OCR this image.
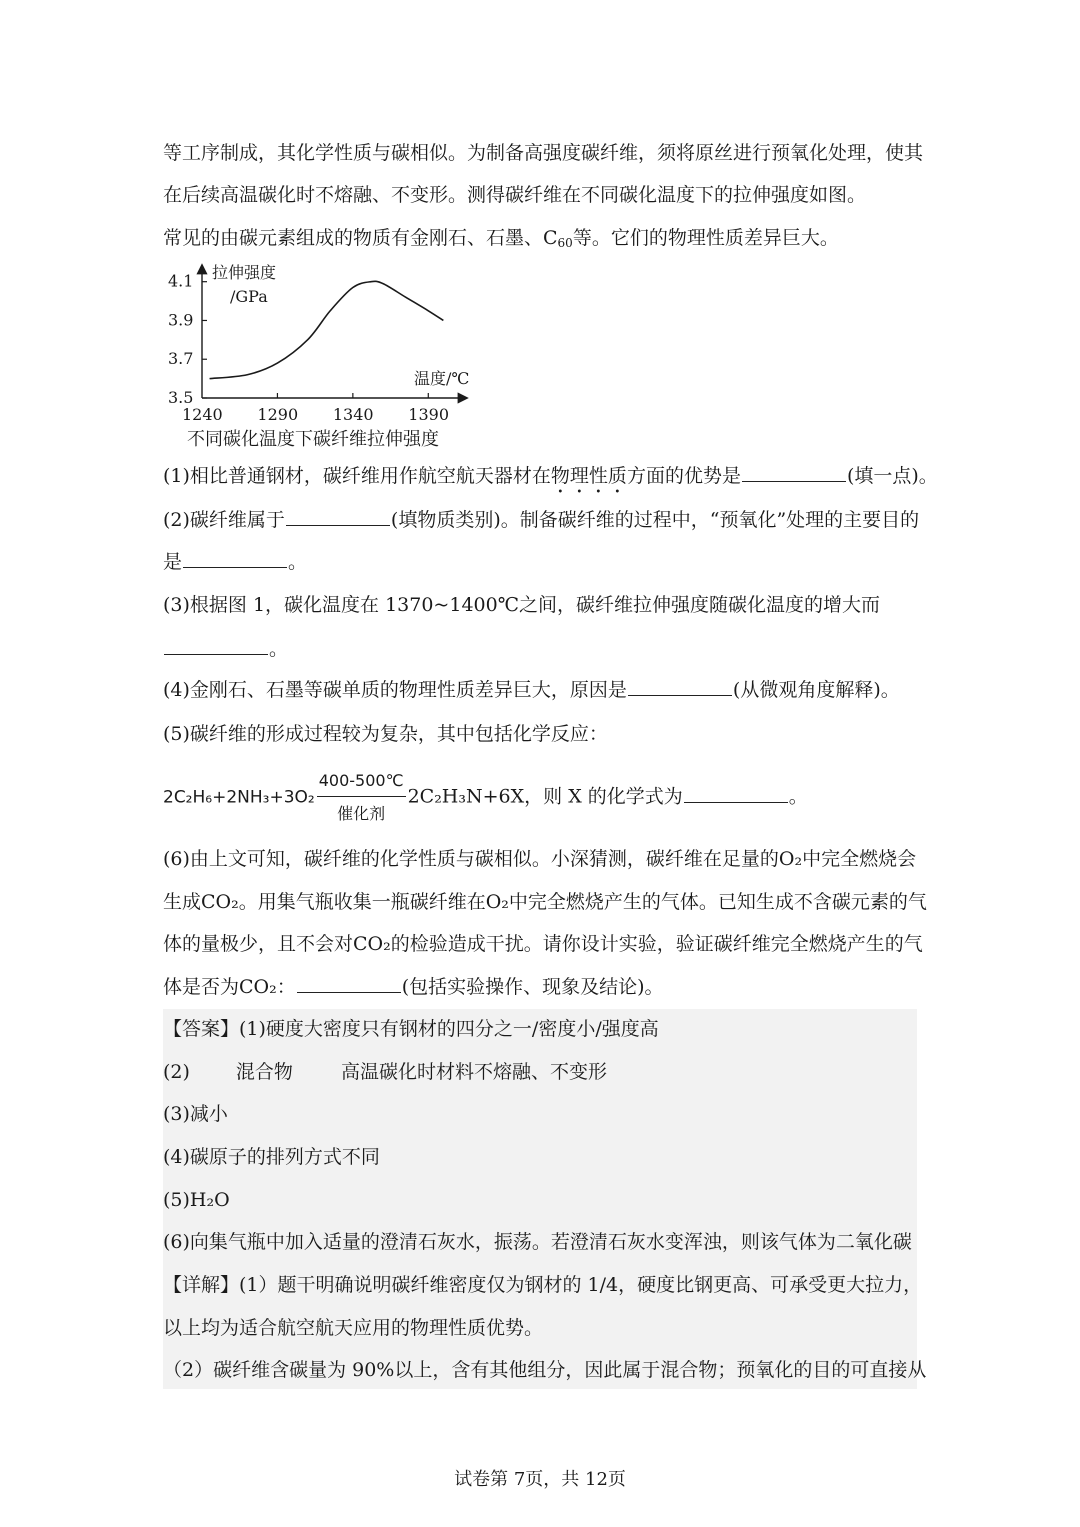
等工序制成，其化学性质与碳相似。为制备高强度碳纤维，须将原丝进行预氧化处理，使其
在后续高温碳化时不熔融、不变形。测得碳纤维在不同碳化温度下的拉伸强度如图。
常见的由碳元素组成的物质有金刚石、石墨、$C_{60}$等。它们的物理性质差异巨大。
拉伸强度
/GPa
温度/℃
3.5
3.7
3.9
4.1
1240 1290 1340 1390
不同碳化温度下碳纤维拉伸强度
(1)相比普通钢材，碳纤维用作航空航天器材在物理性质方面的优势是	(填一点)。
(2)碳纤维属于	(填物质类别)。制备碳纤维的过程中，“预氧化”处理的主要目的
是	。
(3)根据图 1，碳化温度在 1370~1400℃之间，碳纤维拉伸强度随碳化温度的增大而
。
(4)金刚石、石墨等碳单质的物理性质差异巨大，原因是	(从微观角度解释)。
(5)碳纤维的形成过程较为复杂，其中包括化学反应：
$2C_2H_6+2NH_3+3O_2 \frac{400-500℃}{\text{催化剂}} 2C_2H_3N+6X$，则 X 的化学式为	。
(6)由上文可知，碳纤维的化学性质与碳相似。小深猜测，碳纤维在足量的O₂中完全燃烧会
生成CO₂。用集气瓶收集一瓶碳纤维在O₂中完全燃烧产生的气体。已知生成不含碳元素的气
体的量极少，且不会对CO₂的检验造成干扰。请你设计实验，验证碳纤维完全燃烧产生的气
体是否为CO₂：	(包括实验操作、现象及结论)。
【答案】(1)硬度大密度只有钢材的四分之一/密度小/强度高
(2) 混合物	高温碳化时材料不熔融、不变形
(3)减小
(4)碳原子的排列方式不同
(5)H₂O
(6)向集气瓶中加入适量的澄清石灰水，振荡。若澄清石灰水变浑浊，则该气体为二氧化碳
【详解】(1）题干明确说明碳纤维密度仅为钢材的 1/4，硬度比钢更高、可承受更大拉力，
以上均为适合航空航天应用的物理性质优势。
（2）碳纤维含碳量为 90%以上，含有其他组分，因此属于混合物；预氧化的目的可直接从
试卷第 7页，共 12页
